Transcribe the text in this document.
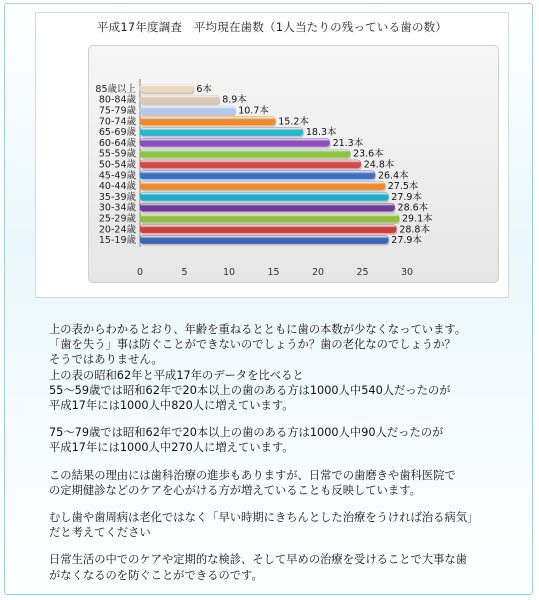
平成17年度調査　平均現在歯数（1人当たりの残っている歯の数）
85歳以上	6本
80-84歳	8.9本
75-79歳	10.7本
70-74歳	15.2本
65-69歳	18.3本
60-64歳	21.3本
55-59歳	23.6本
50-54歳	24.8本
45-49歳	26.4本
40-44歳	27.5本
35-39歳	27.9本
30-34歳	28.6本
25-29歳	29.1本
20-24歳	28.8本
15-19歳	27.9本
0	5	10	15	20	25	30

上の表からわかるとおり、年齢を重ねるとともに歯の本数が少なくなっています。

「歯を失う」事は防ぐことができないのでしょうか？歯の老化なのでしょうか？

そうではありません。

上の表の昭和62年と平成17年のデータを比べると

55〜59歳では昭和62年で20本以上の歯のある方は1000人中540人だったのが

平成17年には1000人中820人に増えています。

75〜79歳では昭和62年で20本以上の歯のある方は1000人中90人だったのが

平成17年には1000人中270人に増えています。

この結果の理由には歯科治療の進歩もありますが、日常での歯磨きや歯科医院で

の定期健診などのケアを心がける方が増えていることも反映しています。

むし歯や歯周病は老化ではなく「早い時期にきちんとした治療をうければ治る病気」

だと考えてください

日常生活の中でのケアや定期的な検診、そして早めの治療を受けることで大事な歯

がなくなるのを防ぐことができるのです。
